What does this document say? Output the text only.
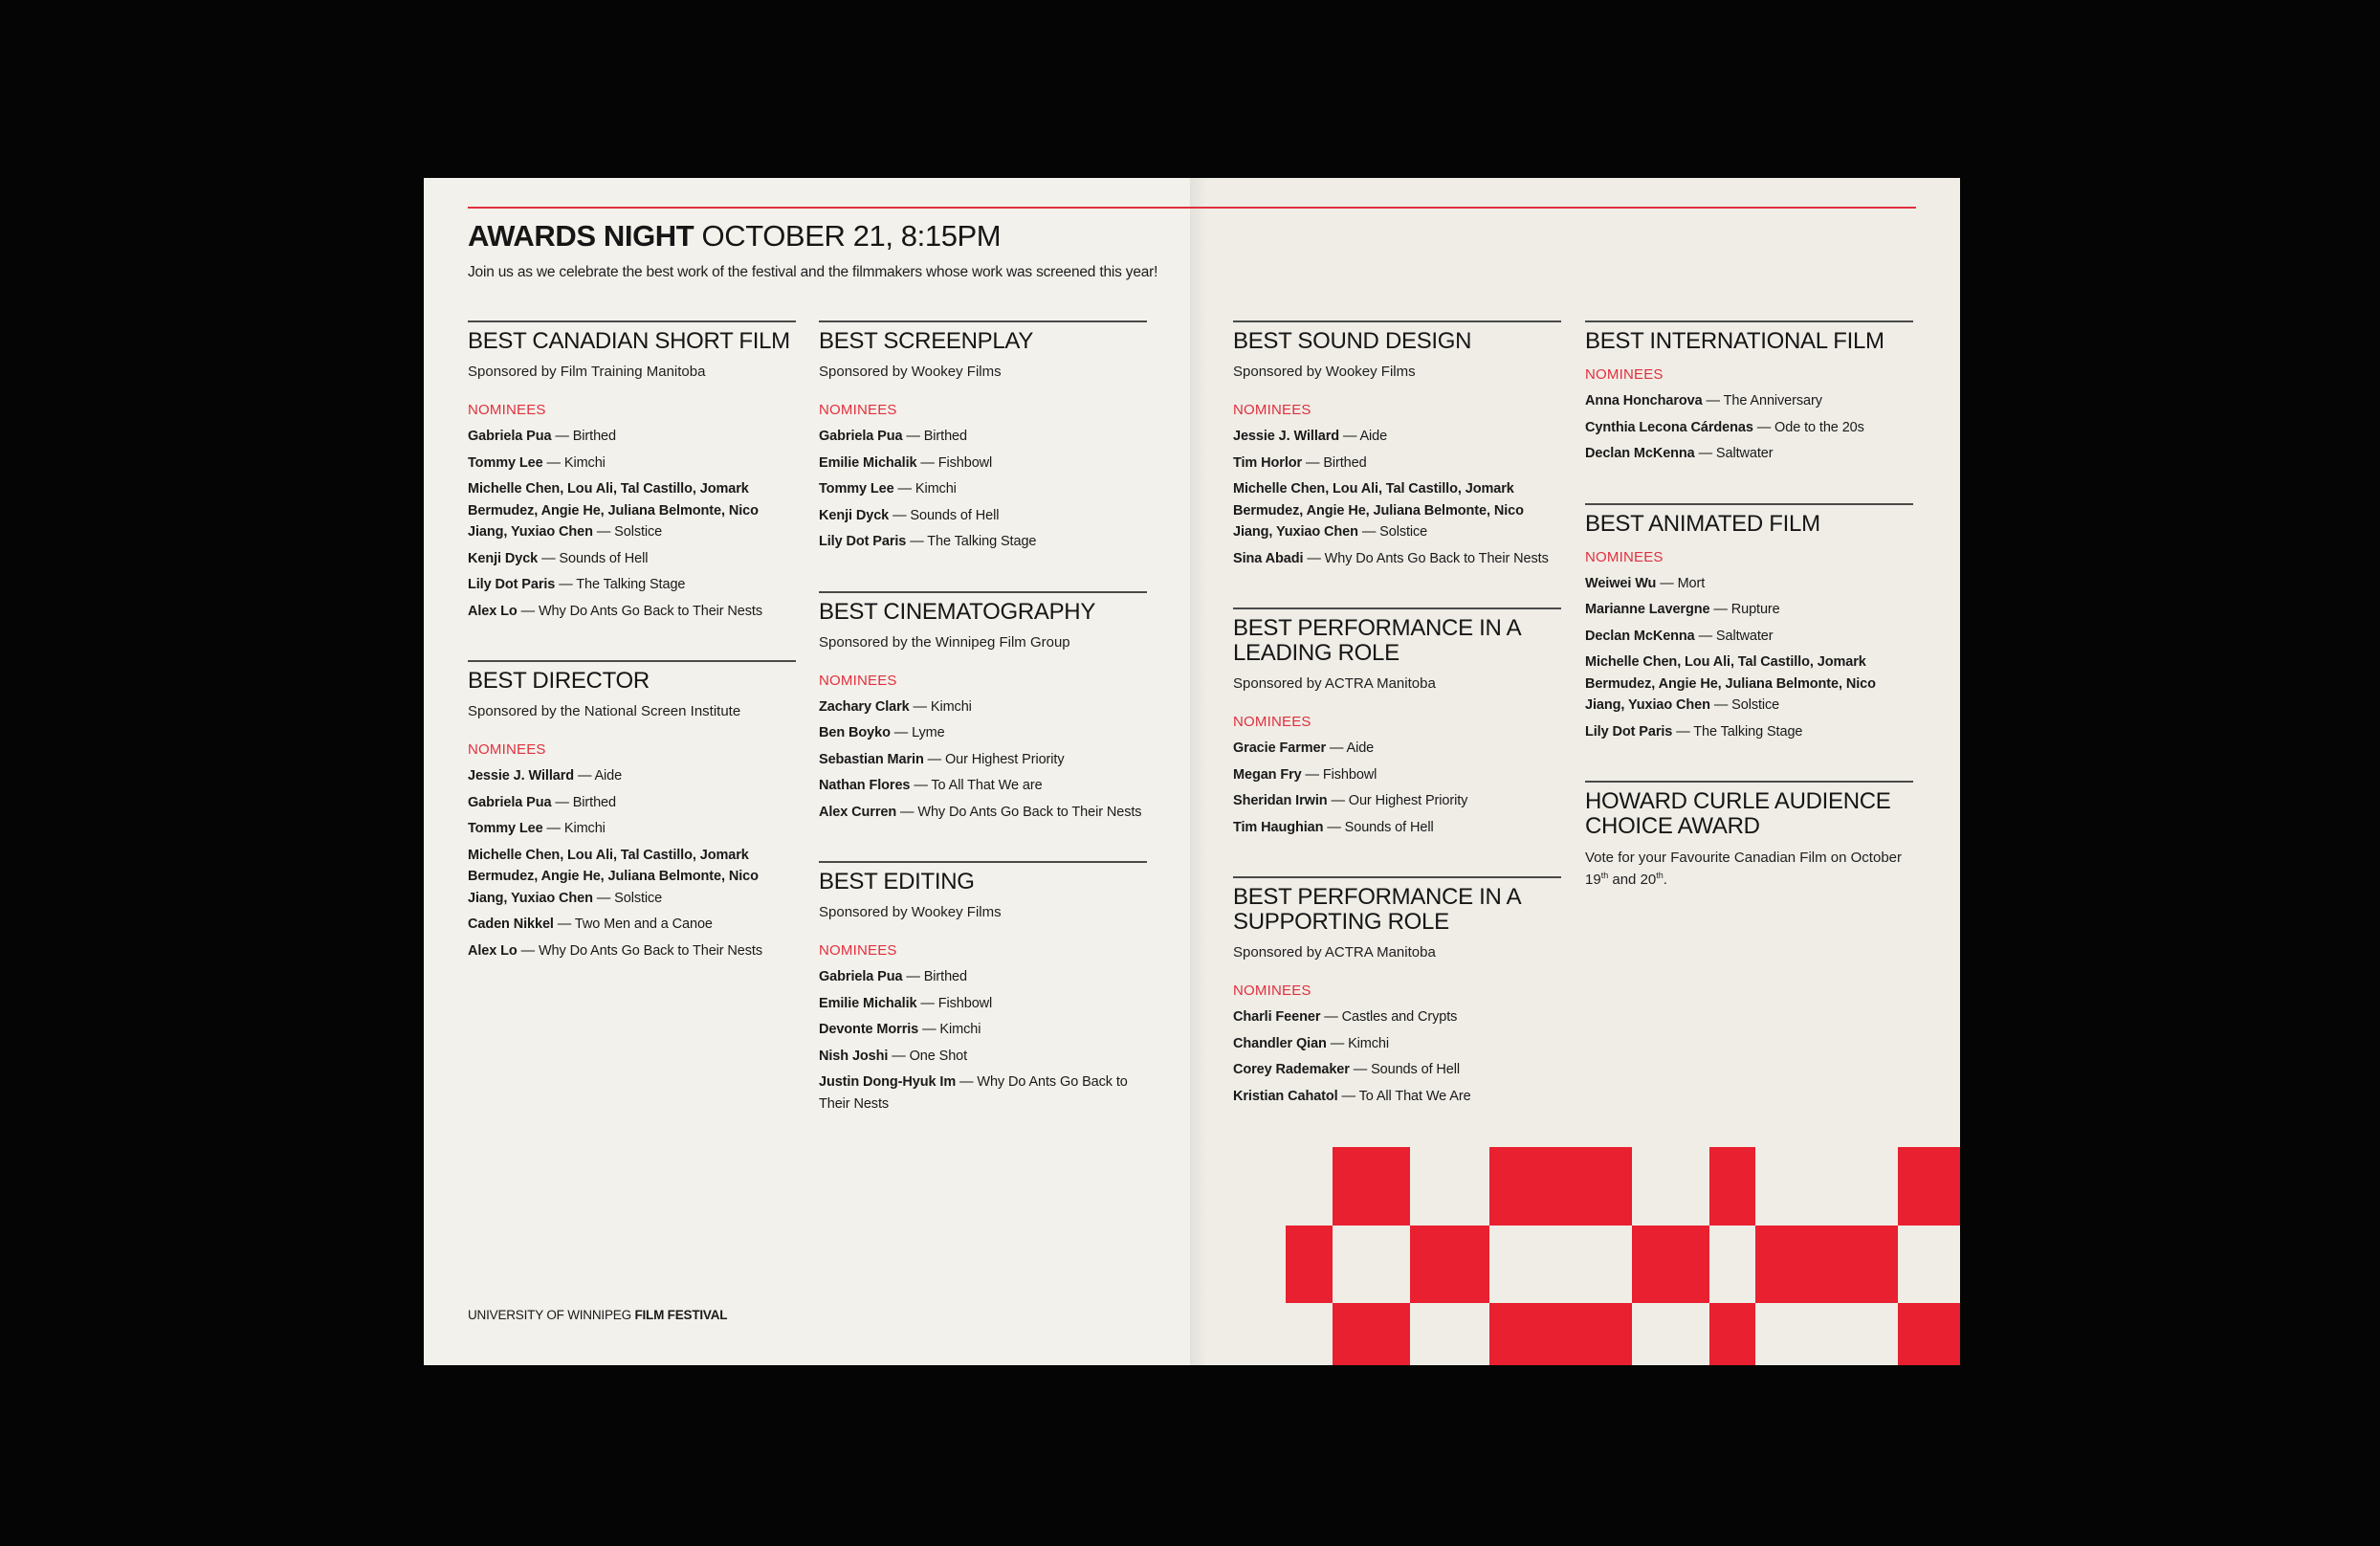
AWARDS NIGHT OCTOBER 21, 8:15PM

Join us as we celebrate the best work of the festival and the filmmakers whose work was screened this year!

BEST CANADIAN SHORT FILM

Sponsored by Film Training Manitoba

NOMINEES

Gabriela Pua — Birthed

Tommy Lee — Kimchi

Michelle Chen, Lou Ali, Tal Castillo, Jomark Bermudez, Angie He, Juliana Belmonte, Nico Jiang, Yuxiao Chen — Solstice

Kenji Dyck — Sounds of Hell

Lily Dot Paris — The Talking Stage

Alex Lo — Why Do Ants Go Back to Their Nests

BEST DIRECTOR

Sponsored by the National Screen Institute

NOMINEES

Jessie J. Willard — Aide

Gabriela Pua — Birthed

Tommy Lee — Kimchi

Michelle Chen, Lou Ali, Tal Castillo, Jomark Bermudez, Angie He, Juliana Belmonte, Nico Jiang, Yuxiao Chen — Solstice

Caden Nikkel — Two Men and a Canoe

Alex Lo — Why Do Ants Go Back to Their Nests

BEST SCREENPLAY

Sponsored by Wookey Films

NOMINEES

Gabriela Pua — Birthed

Emilie Michalik — Fishbowl

Tommy Lee — Kimchi

Kenji Dyck — Sounds of Hell

Lily Dot Paris — The Talking Stage

BEST CINEMATOGRAPHY

Sponsored by the Winnipeg Film Group

NOMINEES

Zachary Clark — Kimchi

Ben Boyko — Lyme

Sebastian Marin — Our Highest Priority

Nathan Flores — To All That We are

Alex Curren — Why Do Ants Go Back to Their Nests

BEST EDITING

Sponsored by Wookey Films

NOMINEES

Gabriela Pua — Birthed

Emilie Michalik — Fishbowl

Devonte Morris — Kimchi

Nish Joshi — One Shot

Justin Dong-Hyuk Im — Why Do Ants Go Back to Their Nests

UNIVERSITY OF WINNIPEG FILM FESTIVAL
BEST SOUND DESIGN

Sponsored by Wookey Films

NOMINEES

Jessie J. Willard — Aide

Tim Horlor — Birthed

Michelle Chen, Lou Ali, Tal Castillo, Jomark Bermudez, Angie He, Juliana Belmonte, Nico Jiang, Yuxiao Chen — Solstice

Sina Abadi — Why Do Ants Go Back to Their Nests

BEST PERFORMANCE IN A LEADING ROLE

Sponsored by ACTRA Manitoba

NOMINEES

Gracie Farmer — Aide

Megan Fry — Fishbowl

Sheridan Irwin — Our Highest Priority

Tim Haughian — Sounds of Hell

BEST PERFORMANCE IN A SUPPORTING ROLE

Sponsored by ACTRA Manitoba

NOMINEES

Charli Feener — Castles and Crypts

Chandler Qian — Kimchi

Corey Rademaker — Sounds of Hell

Kristian Cahatol — To All That We Are

BEST INTERNATIONAL FILM

NOMINEES

Anna Honcharova — The Anniversary

Cynthia Lecona Cárdenas — Ode to the 20s

Declan McKenna — Saltwater

BEST ANIMATED FILM

NOMINEES

Weiwei Wu — Mort

Marianne Lavergne — Rupture

Declan McKenna — Saltwater

Michelle Chen, Lou Ali, Tal Castillo, Jomark Bermudez, Angie He, Juliana Belmonte, Nico Jiang, Yuxiao Chen — Solstice

Lily Dot Paris — The Talking Stage

HOWARD CURLE AUDIENCE CHOICE AWARD

Vote for your Favourite Canadian Film on October 19th and 20th.
